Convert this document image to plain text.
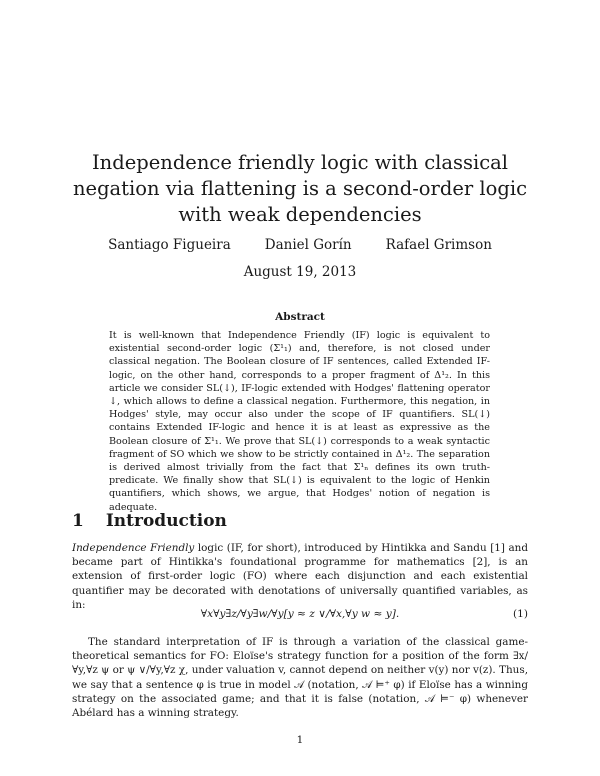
Independence friendly logic with classical negation via flattening is a second-order logic with weak dependencies
Santiago Figueira	Daniel Gorín	Rafael Grimson
August 19, 2013
Abstract
It is well-known that Independence Friendly (IF) logic is equivalent to existential second-order logic (Σ¹₁) and, therefore, is not closed under classical negation. The Boolean closure of IF sentences, called Extended IF-logic, on the other hand, corresponds to a proper fragment of Δ¹₂. In this article we consider SL(↓), IF-logic extended with Hodges' flattening operator ↓, which allows to define a classical negation. Furthermore, this negation, in Hodges' style, may occur also under the scope of IF quantifiers. SL(↓) contains Extended IF-logic and hence it is at least as expressive as the Boolean closure of Σ¹₁. We prove that SL(↓) corresponds to a weak syntactic fragment of SO which we show to be strictly contained in Δ¹₂. The separation is derived almost trivially from the fact that Σ¹ₙ defines its own truth-predicate. We finally show that SL(↓) is equivalent to the logic of Henkin quantifiers, which shows, we argue, that Hodges' notion of negation is adequate.
1 Introduction

Independence Friendly logic (IF, for short), introduced by Hintikka and Sandu [1] and became part of Hintikka's foundational programme for mathematics [2], is an extension of first-order logic (FO) where each disjunction and each existential quantifier may be decorated with denotations of universally quantified variables, as in:

∀x∀y∃z/∀y∃w/∀y[y ≈ z ∨/∀x,∀y w ≈ y].	(1)

The standard interpretation of IF is through a variation of the classical game-theoretical semantics for FO: Eloïse's strategy function for a position of the form ∃x/∀y,∀z ψ or ψ ∨/∀y,∀z χ, under valuation v, cannot depend on neither v(y) nor v(z). Thus, we say that a sentence φ is true in model 𝒜 (notation, 𝒜 ⊨⁺ φ) if Eloïse has a winning strategy on the associated game; and that it is false (notation, 𝒜 ⊨⁻ φ) whenever Abélard has a winning strategy.

1
